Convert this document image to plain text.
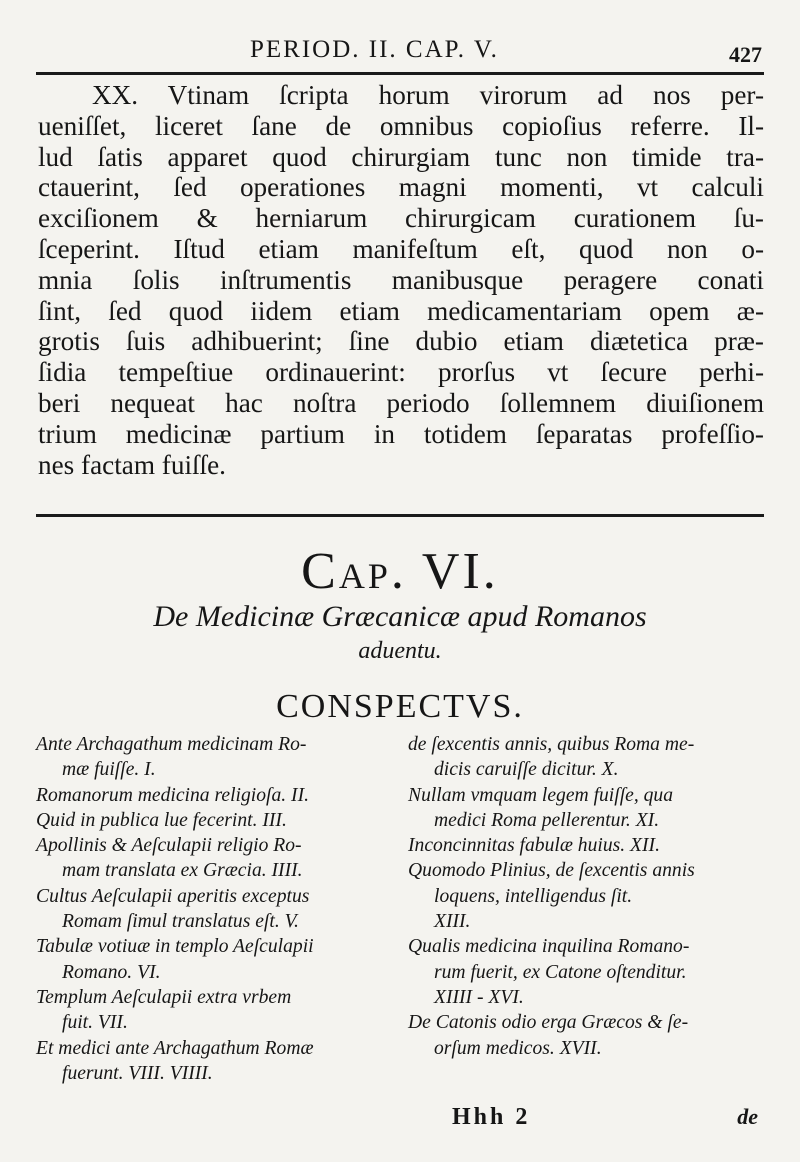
PERIOD. II. CAP. V.	427
XX. Vtinam ſcripta horum virorum ad nos per-
ueniſſet, liceret ſane de omnibus copioſius referre. Il-
lud ſatis apparet quod chirurgiam tunc non timide tra-
ctauerint, ſed operationes magni momenti, vt calculi
exciſionem & herniarum chirurgicam curationem ſu-
ſceperint. Iſtud etiam manifeſtum eſt, quod non o-
mnia ſolis inſtrumentis manibusque peragere conati
ſint, ſed quod iidem etiam medicamentariam opem æ-
grotis ſuis adhibuerint; ſine dubio etiam diætetica præ-
ſidia tempeſtiue ordinauerint: prorſus vt ſecure perhi-
beri nequeat hac noſtra periodo ſollemnem diuiſionem
trium medicinæ partium in totidem ſeparatas profeſſio-
nes factam fuiſſe.
Cap. VI.
De Medicinæ Græcanicæ apud Romanos
aduentu.
CONSPECTVS.
Ante Archagathum medicinam Ro-
mæ fuiſſe. I.
Romanorum medicina religioſa. II.
Quid in publica lue fecerint. III.
Apollinis & Aeſculapii religio Ro-
mam translata ex Græcia. IIII.
Cultus Aeſculapii aperitis exceptus
Romam ſimul translatus eſt. V.
Tabulæ votiuæ in templo Aeſculapii
Romano. VI.
Templum Aeſculapii extra vrbem
fuit. VII.
Et medici ante Archagathum Romæ
fuerunt. VIII. VIIII.
de ſexcentis annis, quibus Roma me-
dicis caruiſſe dicitur. X.
Nullam vmquam legem fuiſſe, qua
medici Roma pellerentur. XI.
Inconcinnitas fabulæ huius. XII.
Quomodo Plinius, de ſexcentis annis
loquens, intelligendus ſit.
XIII.
Qualis medicina inquilina Romano-
rum fuerit, ex Catone oſtenditur.
XIIII - XVI.
De Catonis odio erga Græcos & ſe-
orſum medicos. XVII.
Hhh 2	de
